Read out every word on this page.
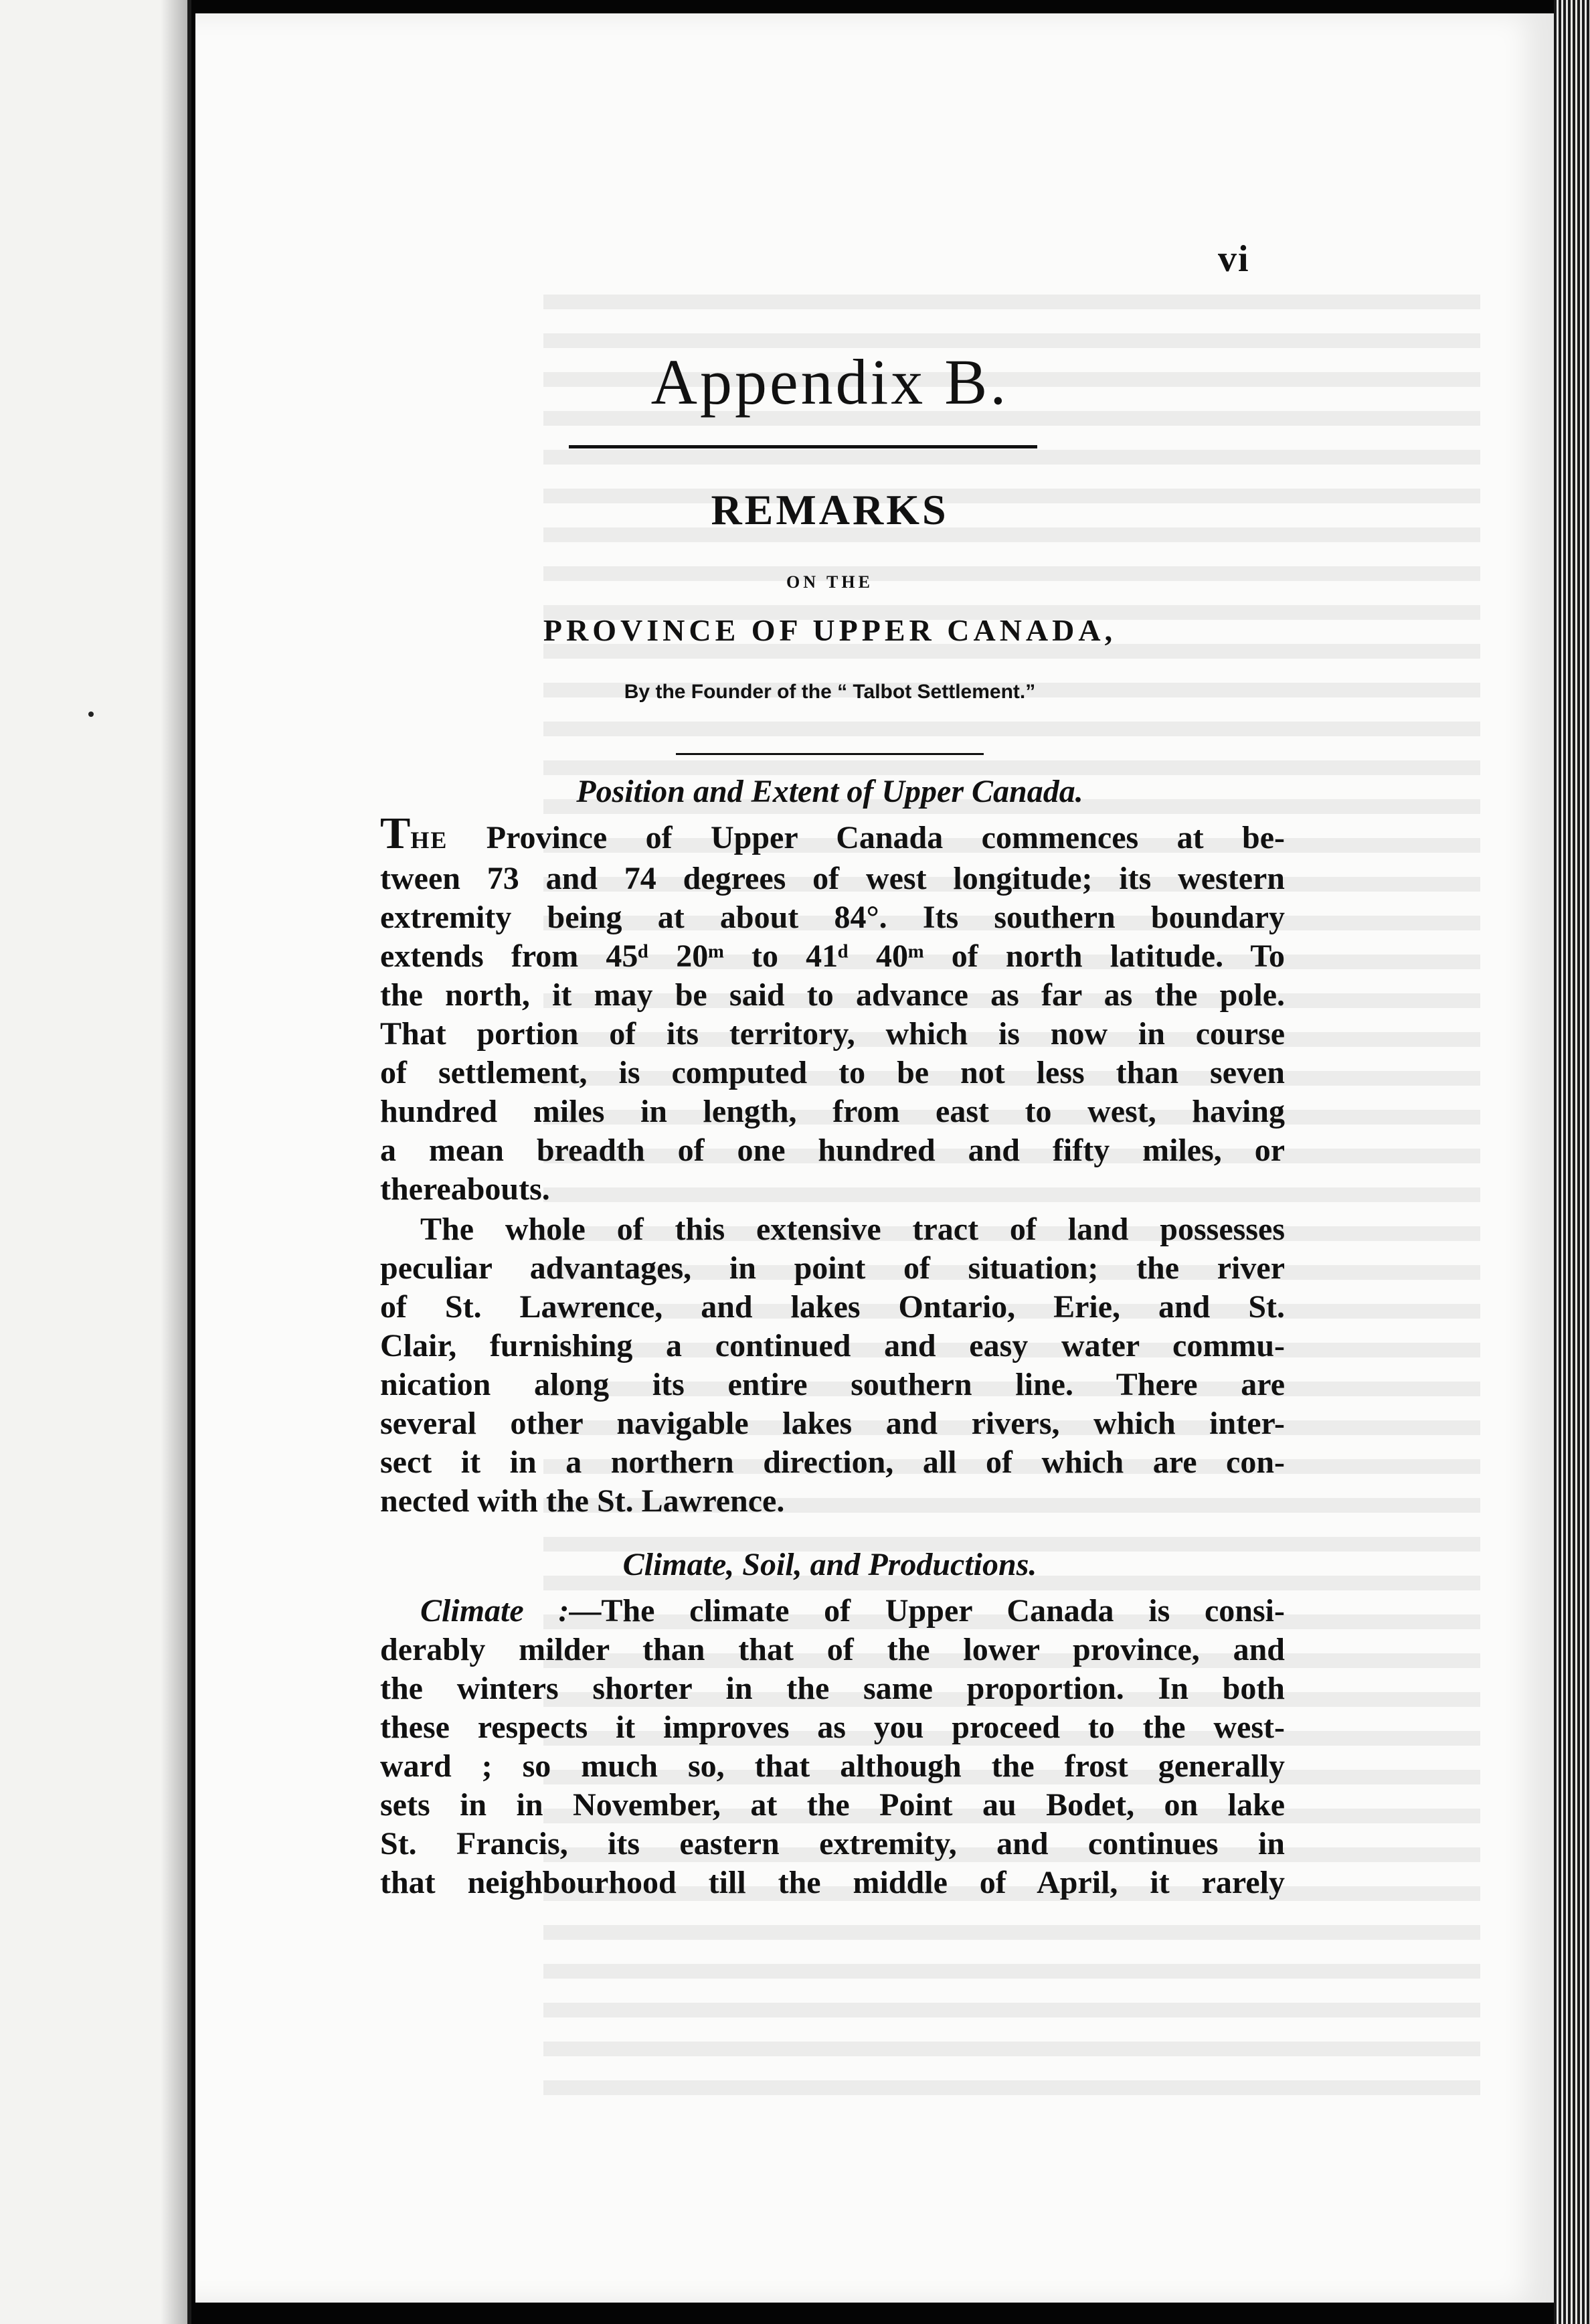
vi
Appendix B.
REMARKS
ON THE
PROVINCE OF UPPER CANADA,
By the Founder of the “ Talbot Settlement.”
Position and Extent of Upper Canada.
THE Province of Upper Canada commences at be-
tween 73 and 74 degrees of west longitude; its western
extremity being at about 84°. Its southern boundary
extends from 45ᵈ 20ᵐ to 41ᵈ 40ᵐ of north latitude. To
the north, it may be said to advance as far as the pole.
That portion of its territory, which is now in course
of settlement, is computed to be not less than seven
hundred miles in length, from east to west, having
a mean breadth of one hundred and fifty miles, or
thereabouts.
The whole of this extensive tract of land possesses
peculiar advantages, in point of situation; the river
of St. Lawrence, and lakes Ontario, Erie, and St.
Clair, furnishing a continued and easy water commu-
nication along its entire southern line. There are
several other navigable lakes and rivers, which inter-
sect it in a northern direction, all of which are con-
nected with the St. Lawrence.
Climate, Soil, and Productions.
Climate :—The climate of Upper Canada is consi-
derably milder than that of the lower province, and
the winters shorter in the same proportion. In both
these respects it improves as you proceed to the west-
ward ; so much so, that although the frost generally
sets in in November, at the Point au Bodet, on lake
St. Francis, its eastern extremity, and continues in
that neighbourhood till the middle of April, it rarely
